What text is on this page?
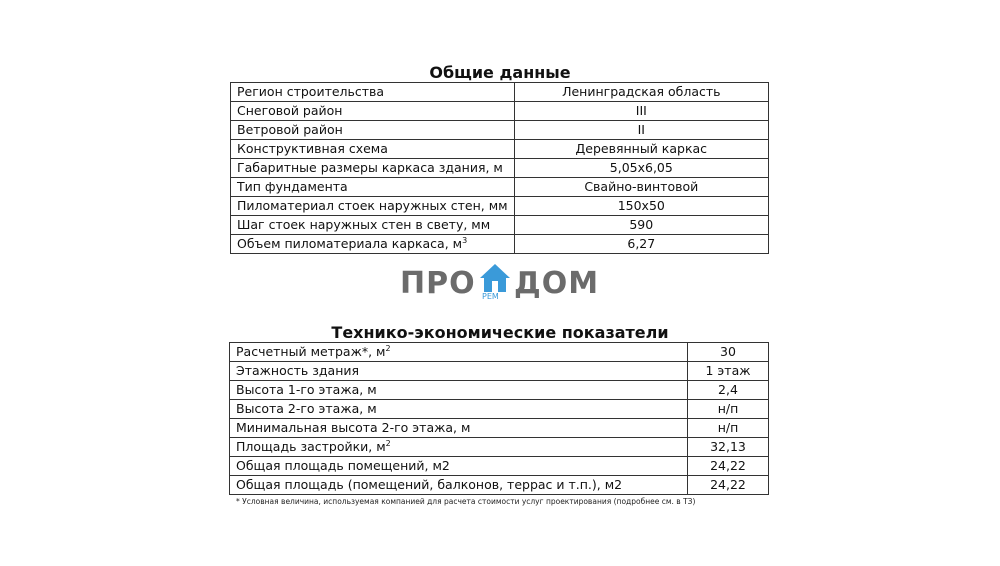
Общие данные
Регион строительства	Ленинградская область
Снеговой район	III
Ветровой район	II
Конструктивная схема	Деревянный каркас
Габаритные размеры каркаса здания, м	5,05х6,05
Тип фундамента	Свайно-винтовой
Пиломатериал стоек наружных стен, мм	150х50
Шаг стоек наружных стен в свету, мм	590
Объем пиломатериала каркаса, $м^3$	6,27
ПРО РЕМ ДОМ
Технико-экономические показатели
Расчетный метраж*, $м^2$	30
Этажность здания	1 этаж
Высота 1-го этажа, м	2,4
Высота 2-го этажа, м	н/п
Минимальная высота 2-го этажа, м	н/п
Площадь застройки, $м^2$	32,13
Общая площадь помещений, м2	24,22
Общая площадь (помещений, балконов, террас и т.п.), м2	24,22
* Условная величина, используемая компанией для расчета стоимости услуг проектирования (подробнее см. в ТЗ)
